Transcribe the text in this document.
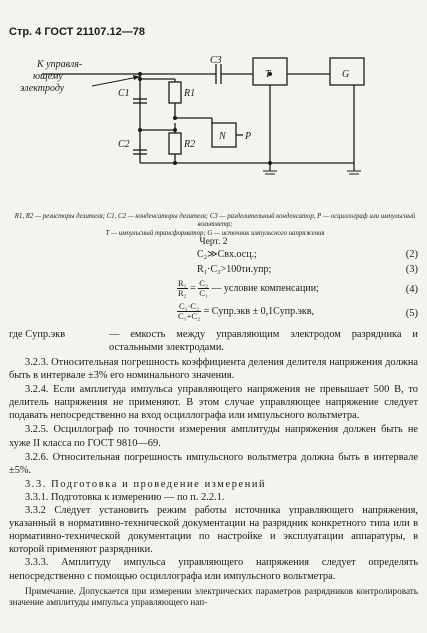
Стр. 4 ГОСТ 21107.12—78
К управля-
ющему
электроду	С1	R1
С2	R2
С3
N Р
T	G
R1, R2 — резисторы делителя; С1, С2 — конденсаторы делителя; С3 — разделительный конденсатор, Р — осциллограф или импульсный вольтметр;
Т — импульсный трансформатор; G — источник импульсного напряжения
Черт. 2
C₂≫Cвх.осц.;	(2)
R₁·C₃>100τи.упр;	(3)
$\frac{\text{R₁}}{\text{R₂}} = \frac{\text{C₂}}{\text{C₁}}$ — условие компенсации;	(4)
$\frac{\text{C₁·C₂}}{\text{C₁+C₂}}$ = Cупр.экв ± 0,1Cупр.экв,	(5)
где Cупр.экв	— емкость между управляющим электродом разрядника и остальными электродами.

3.2.3. Относительная погрешность коэффициента деления делителя напряжения должна быть в интервале ±3% его номинального значения.

3.2.4. Если амплитуда импульса управляющего напряжения не превышает 500 В, то делитель напряжения не применяют. В этом случае управляющее напряжение следует подавать непосредственно на вход осциллографа или импульсного вольтметра.

3.2.5. Осциллограф по точности измерения амплитуды напряжения должен быть не хуже II класса по ГОСТ 9810—69.

3.2.6. Относительная погрешность импульсного вольтметра должна быть в интервале ±5%.

3.3. Подготовка и проведение измерений

3.3.1. Подготовка к измерению — по п. 2.2.1.

3.3.2 Следует установить режим работы источника управляющего напряжения, указанный в нормативно-технической документации на разрядник конкретного типа или в нормативно-технической документации по настройке и эксплуатации аппаратуры, в которой применяют разрядники.

3.3.3. Амплитуду импульса управляющего напряжения следует определять непосредственно с помощью осциллографа или импульсного вольтметра.

Примечание. Допускается при измерении электрических параметров разрядников контролировать значение амплитуды импульса управляющего нап-
